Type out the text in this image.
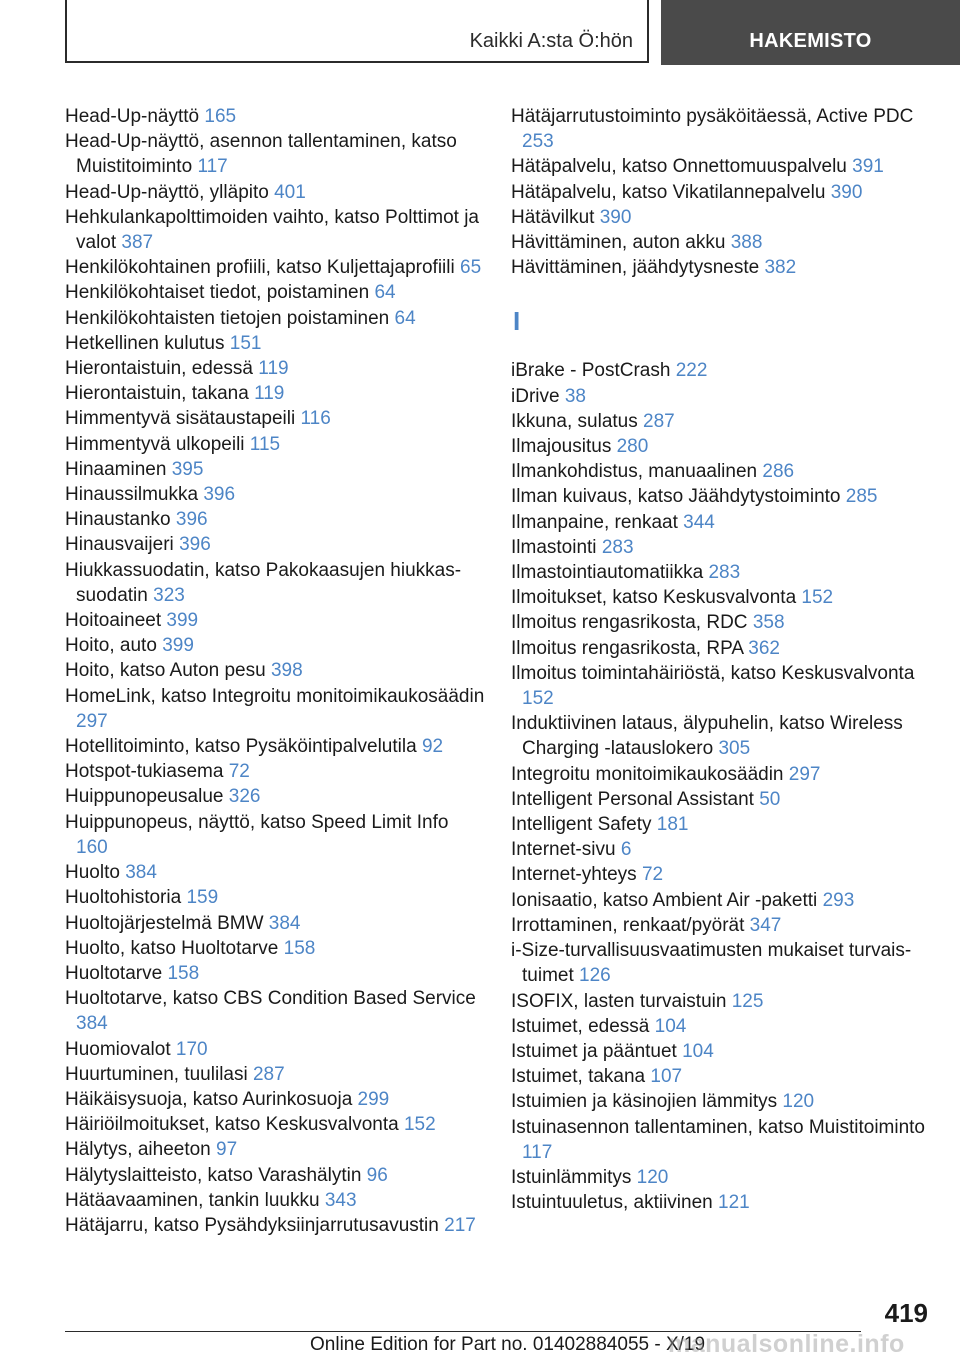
Kaikki A:sta Ö:hön	HAKEMISTO
Head-Up-näyttö 165
Head-Up-näyttö, asennon tallentaminen, katso Muistitoiminto 117
Head-Up-näyttö, ylläpito 401
Hehkulankapolttimoiden vaihto, katso Polttimot ja valot 387
Henkilökohtainen profiili, katso Kuljettajaprofiili 65
Henkilökohtaiset tiedot, poistaminen 64
Henkilökohtaisten tietojen poistaminen 64
Hetkellinen kulutus 151
Hierontaistuin, edessä 119
Hierontaistuin, takana 119
Himmentyvä sisätaustapeili 116
Himmentyvä ulkopeili 115
Hinaaminen 395
Hinaussilmukka 396
Hinaustanko 396
Hinausvaijeri 396
Hiukkassuodatin, katso Pakokaasujen hiukkassuodatin 323
Hoitoaineet 399
Hoito, auto 399
Hoito, katso Auton pesu 398
HomeLink, katso Integroitu monitoimikaukosäädin 297
Hotellitoiminto, katso Pysäköintipalvelutila 92
Hotspot-tukiasema 72
Huippunopeusalue 326
Huippunopeus, näyttö, katso Speed Limit Info 160
Huolto 384
Huoltohistoria 159
Huoltojärjestelmä BMW 384
Huolto, katso Huoltotarve 158
Huoltotarve 158
Huoltotarve, katso CBS Condition Based Service 384
Huomiovalot 170
Huurtuminen, tuulilasi 287
Häikäisysuoja, katso Aurinkosuoja 299
Häiriöilmoitukset, katso Keskusvalvonta 152
Hälytys, aiheeton 97
Hälytyslaitteisto, katso Varashälytin 96
Hätäavaaminen, tankin luukku 343
Hätäjarru, katso Pysähdyksiinjarrutusavustin 217
Hätäjarrutustoiminto pysäköitäessä, Active PDC 253
Hätäpalvelu, katso Onnettomuuspalvelu 391
Hätäpalvelu, katso Vikatilannepalvelu 390
Hätävilkut 390
Hävittäminen, auton akku 388
Hävittäminen, jäähdytysneste 382
I
iBrake - PostCrash 222
iDrive 38
Ikkuna, sulatus 287
Ilmajousitus 280
Ilmankohdistus, manuaalinen 286
Ilman kuivaus, katso Jäähdytystoiminto 285
Ilmanpaine, renkaat 344
Ilmastointi 283
Ilmastointiautomatiikka 283
Ilmoitukset, katso Keskusvalvonta 152
Ilmoitus rengasrikosta, RDC 358
Ilmoitus rengasrikosta, RPA 362
Ilmoitus toimintahäiriöstä, katso Keskusvalvonta 152
Induktiivinen lataus, älypuhelin, katso Wireless Charging -latauslokero 305
Integroitu monitoimikaukosäädin 297
Intelligent Personal Assistant 50
Intelligent Safety 181
Internet-sivu 6
Internet-yhteys 72
Ionisaatio, katso Ambient Air -paketti 293
Irrottaminen, renkaat/pyörät 347
i-Size-turvallisuusvaatimusten mukaiset turvaistuimet 126
ISOFIX, lasten turvaistuin 125
Istuimet, edessä 104
Istuimet ja pääntuet 104
Istuimet, takana 107
Istuimien ja käsinojien lämmitys 120
Istuinasennon tallentaminen, katso Muistitoiminto 117
Istuinlämmitys 120
Istuintuuletus, aktiivinen 121
419
Online Edition for Part no. 01402884055 - X/19
manualsonline.info
